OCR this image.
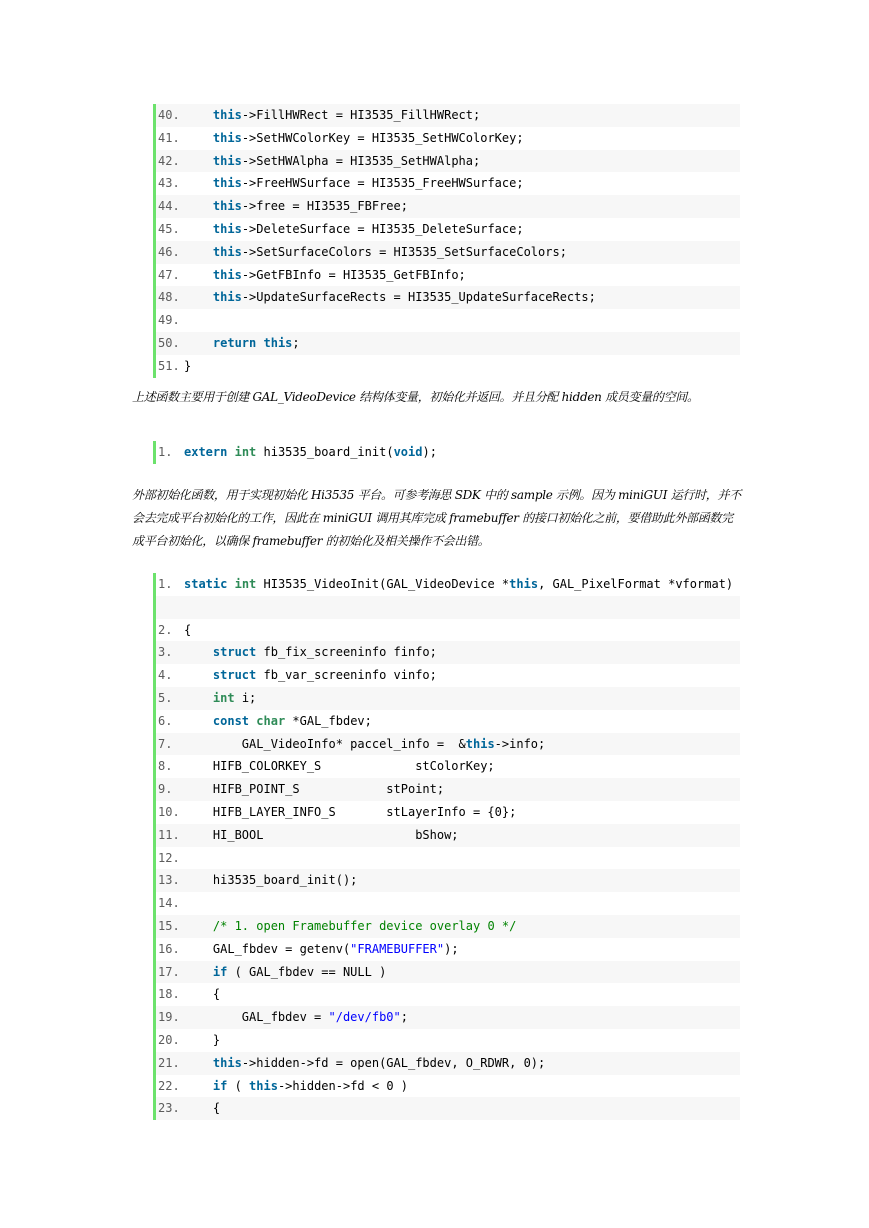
40.	this->FillHWRect = HI3535_FillHWRect;
41.	this->SetHWColorKey = HI3535_SetHWColorKey;
42.	this->SetHWAlpha = HI3535_SetHWAlpha;
43.	this->FreeHWSurface = HI3535_FreeHWSurface;
44.	this->free = HI3535_FBFree;
45.	this->DeleteSurface = HI3535_DeleteSurface;
46.	this->SetSurfaceColors = HI3535_SetSurfaceColors;
47.	this->GetFBInfo = HI3535_GetFBInfo;
48.	this->UpdateSurfaceRects = HI3535_UpdateSurfaceRects;
49.
50.	return this;
51. }

上述函数主要用于创建 GAL_VideoDevice 结构体变量，初始化并返回。并且分配 hidden 成员变量的空间。

1. extern int hi3535_board_init(void);

外部初始化函数，用于实现初始化 Hi3535 平台。可参考海思 SDK 中的 sample 示例。因为 miniGUI 运行时，并不会去完成平台初始化的工作，因此在 miniGUI 调用其库完成 framebuffer 的接口初始化之前，要借助此外部函数完成平台初始化，以确保 framebuffer 的初始化及相关操作不会出错。

1. static int HI3535_VideoInit(GAL_VideoDevice *this, GAL_PixelFormat *vformat)
2. {
3.	struct fb_fix_screeninfo finfo;
4.	struct fb_var_screeninfo vinfo;
5.	int i;
6.	const char *GAL_fbdev;
7.        GAL_VideoInfo* paccel_info =  &this->info;
8.    HIFB_COLORKEY_S             stColorKey;
9.    HIFB_POINT_S            stPoint;
10.    HIFB_LAYER_INFO_S       stLayerInfo = {0};
11.    HI_BOOL                     bShow;
12.
13.    hi3535_board_init();
14.
15.	/* 1. open Framebuffer device overlay 0 */
16.    GAL_fbdev = getenv("FRAMEBUFFER");
17.	if ( GAL_fbdev == NULL )
18.    {
19.        GAL_fbdev = "/dev/fb0";
20.    }
21.	this->hidden->fd = open(GAL_fbdev, O_RDWR, 0);
22.	if ( this->hidden->fd < 0 )
23.    {
